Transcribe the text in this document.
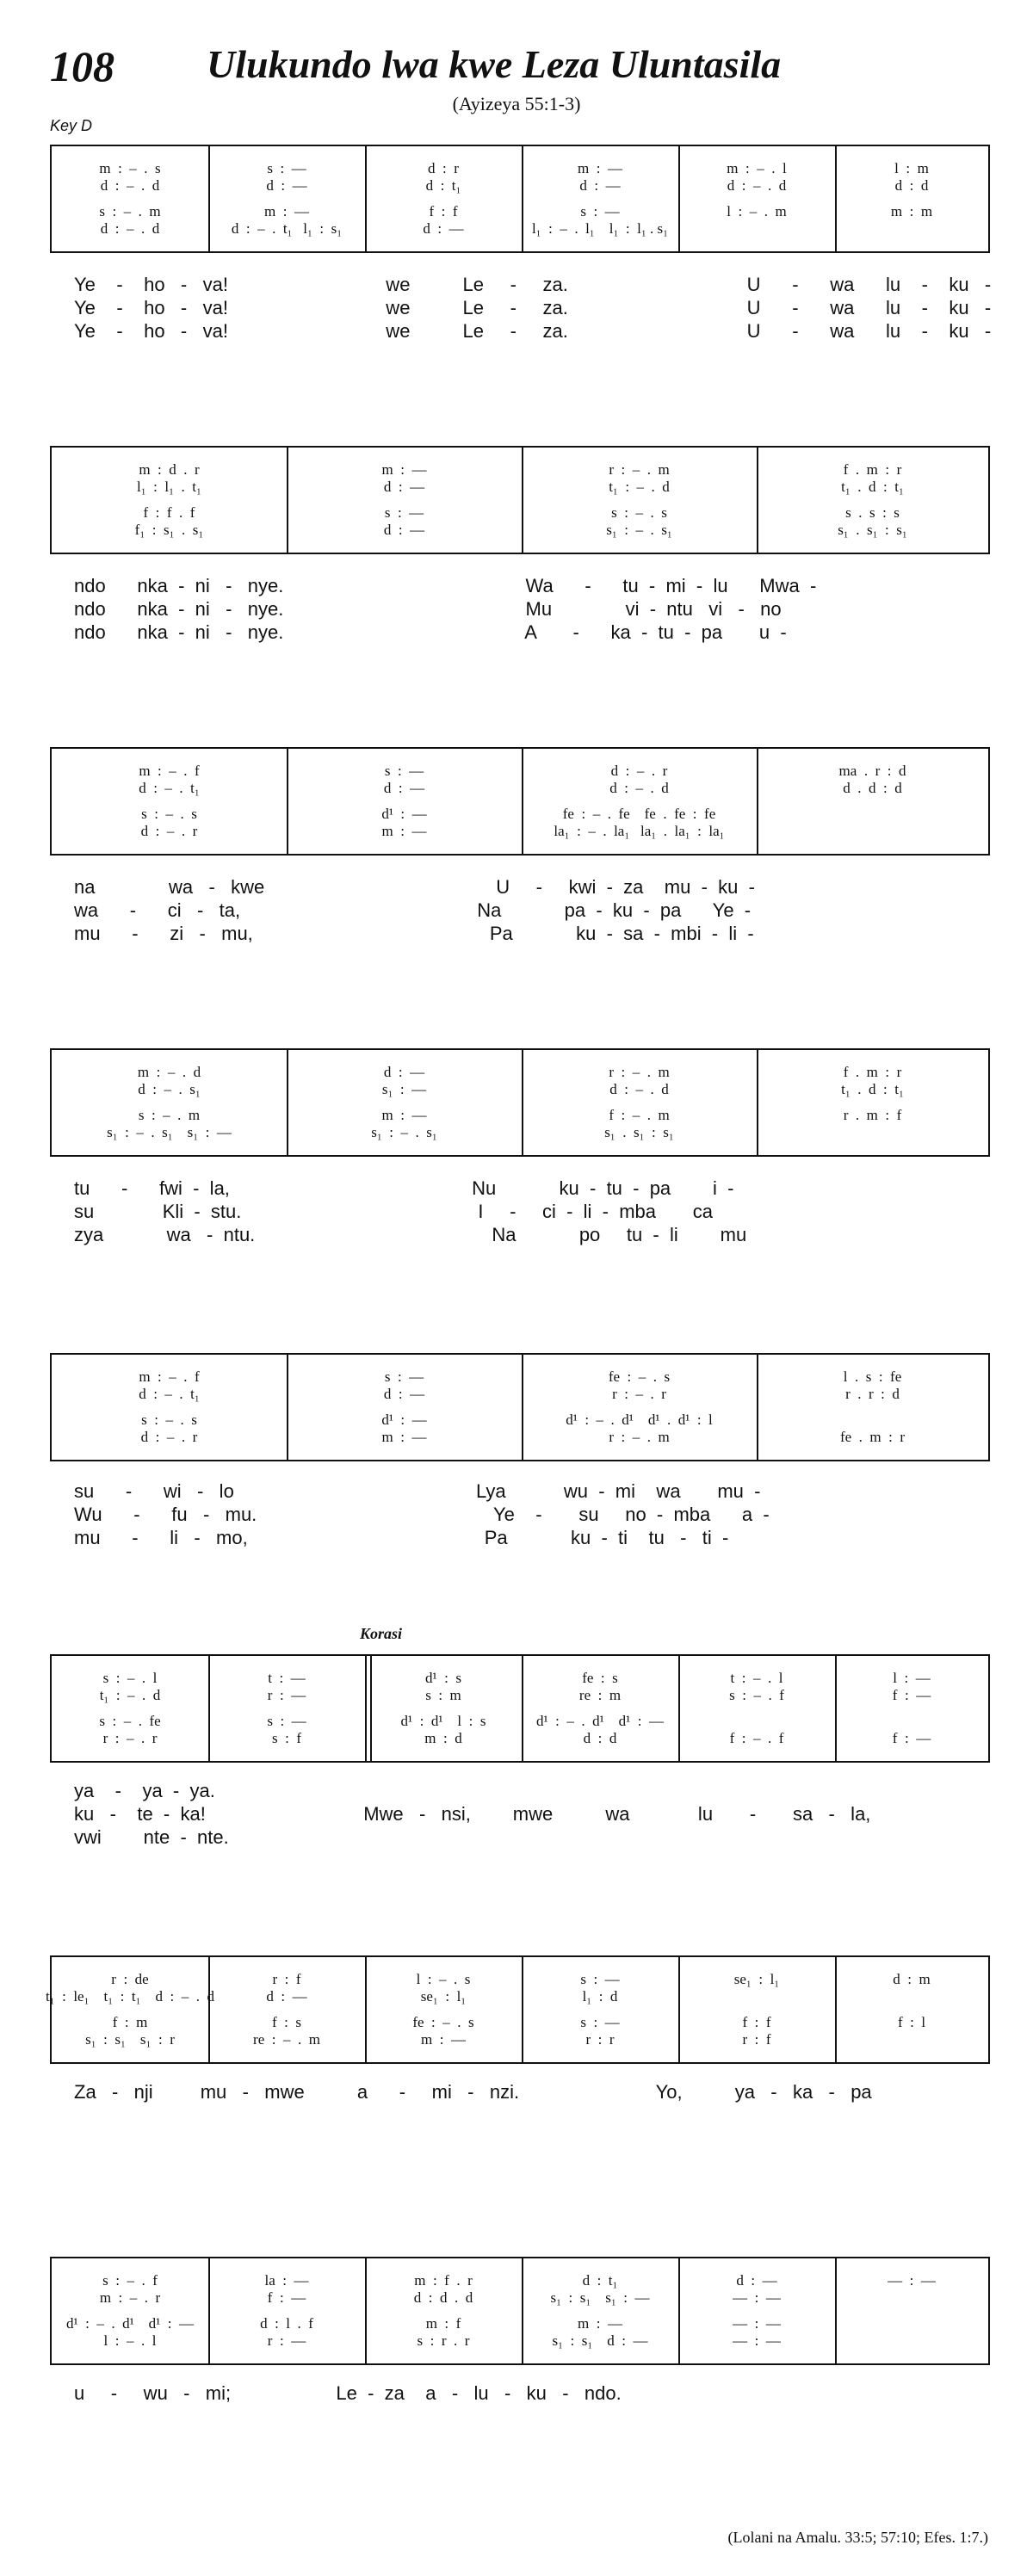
108 Ulukundo lwa kwe Leza Uluntasila
(Ayizeya 55:1-3)
Key D
Korasi
m  :  –  .  s	s  :  —	d  :  r	m  :  —	m  :  –  .  l	l  :  m
d  :  –  .  d	d  :  —	d  :  t₁	d  :  —	d  :  –  .  d	d  :  d
s  :  –  .  m	m  :  —	f  :  f	s  :  —	l  :  –  .  m	m  :  m
d  :  –  .  d	d  :  –  .  t₁   l₁  :  s₁	d  :  —	l₁  :  –  .  l₁    l₁  :  l₁ . s₁
Ye    -    ho   -   va!                              we          Le     -     za.                                  U      -      wa      lu    -    ku   -
Ye    -    ho   -   va!                              we          Le     -     za.                                  U      -      wa      lu    -    ku   -
Ye    -    ho   -   va!                              we          Le     -     za.                                  U      -      wa      lu    -    ku   -
m  :  d  .  r	m  :  —	r  :  –  .  m	f  .  m  :  r
l₁  :  l₁  .  t₁	d  :  —	t₁  :  –  .  d	t₁  .  d  :  t₁
f  :  f  .  f	s  :  —	s  :  –  .  s	s  .  s  :  s
f₁  :  s₁  .  s₁	d  :  —	s₁  :  –  .  s₁	s₁  .  s₁  :  s₁
ndo      nka  -  ni   -   nye.                                              Wa      -      tu  -  mi  -  lu      Mwa  -
ndo      nka  -  ni   -   nye.                                              Mu              vi  -  ntu   vi   -   no
ndo      nka  -  ni   -   nye.                                              A       -      ka  -  tu  -  pa       u  -
m  :  –  .  f	s  :  —	d  :  –  .  r	ma  .  r  :  d
d  :  –  .  t₁	d  :  —	d  :  –  .  d	d  .  d  :  d
s  :  –  .  s	d¹  :  —	fe  :  –  .  fe    fe  .  fe  :  fe
d  :  –  .  r	m  :  —	la₁  :  –  .  la₁   la₁  .  la₁  :  la₁
na              wa   -   kwe                                            U     -     kwi  -  za    mu  -  ku  -
wa      -      ci   -   ta,                                             Na            pa  -  ku  -  pa      Ye  -
mu      -      zi   -   mu,                                             Pa            ku  -  sa  -  mbi  -  li  -
m  :  –  .  d	d  :  —	r  :  –  .  m	f  .  m  :  r
d  :  –  .  s₁	s₁  :  —	d  :  –  .  d	t₁  .  d  :  t₁
s  :  –  .  m	m  :  —	f  :  –  .  m	r  .  m  :  f
s₁  :  –  .  s₁    s₁  :  —	s₁  :  –  .  s₁	s₁  .  s₁  :  s₁
tu      -      fwi  -  la,                                              Nu            ku  -  tu  -  pa        i  -
su             Kli  -  stu.                                             I     -     ci  -  li  -  mba       ca
zya            wa   -  ntu.                                             Na            po     tu  -  li        mu
m  :  –  .  f	s  :  —	fe  :  –  .  s	l  .  s  :  fe
d  :  –  .  t₁	d  :  —	r  :  –  .  r	r  .  r  :  d
s  :  –  .  s	d¹  :  —	d¹  :  –  .  d¹    d¹  .  d¹  :  l
d  :  –  .  r	m  :  —	r  :  –  .  m	fe  .  m  :  r
su      -      wi   -   lo                                              Lya           wu  -  mi    wa       mu  -
Wu      -      fu   -   mu.                                             Ye    -       su     no  -  mba      a  -
mu      -      li   -   mo,                                             Pa            ku  -  ti    tu   -   ti  -
s  :  –  .  l	t  :  —	d¹  :  s	fe  :  s	t  :  –  .  l	l  :  —
t₁  :  –  .  d	r  :  —	s  :  m	re  :  m	s  :  –  .  f	f  :  —
s  :  –  .  fe	s  :  —	d¹  :  d¹    l  :  s	d¹  :  –  .  d¹    d¹  :  —
r  :  –  .  r	s  :  f	m  :  d	d  :  d	f  :  –  .  f	f  :  —
ya    -    ya  -  ya.
ku   -    te  -  ka!                              Mwe   -   nsi,        mwe          wa             lu       -       sa   -   la,
vwi        nte  -  nte.
r  :  de	r  :  f	l  :  –  .  s	s  :  —	se₁  :  l₁	d  :  m
t₁  :  le₁    t₁  :  t₁    d  :  –  .  d	d  :  —	se₁  :  l₁	l₁  :  d
f  :  m	f  :  s	fe  :  –  .  s	s  :  —	f  :  f	f  :  l
s₁  :  s₁    s₁  :  r	re  :  –  .  m	m  :  —	r  :  r	r  :  f
Za   -   nji         mu   -   mwe          a      -     mi   -   nzi.                          Yo,          ya   -   ka   -   pa
s  :  –  .  f	la  :  —	m  :  f  .  r	d  :  t₁	d  :  —	—  :  —
m  :  –  .  r	f  :  —	d  :  d  .  d	s₁  :  s₁    s₁  :  —	—  :  —
d¹  :  –  .  d¹    d¹  :  —	d  :  l  .  f	m  :  f	m  :  —	—  :  —
l  :  –  .  l	r  :  —	s  :  r  .  r	s₁  :  s₁    d  :  —	—  :  —
u     -     wu   -   mi;                    Le  -  za    a   -   lu   -   ku   -   ndo.
(Lolani na Amalu. 33:5; 57:10; Efes. 1:7.)
